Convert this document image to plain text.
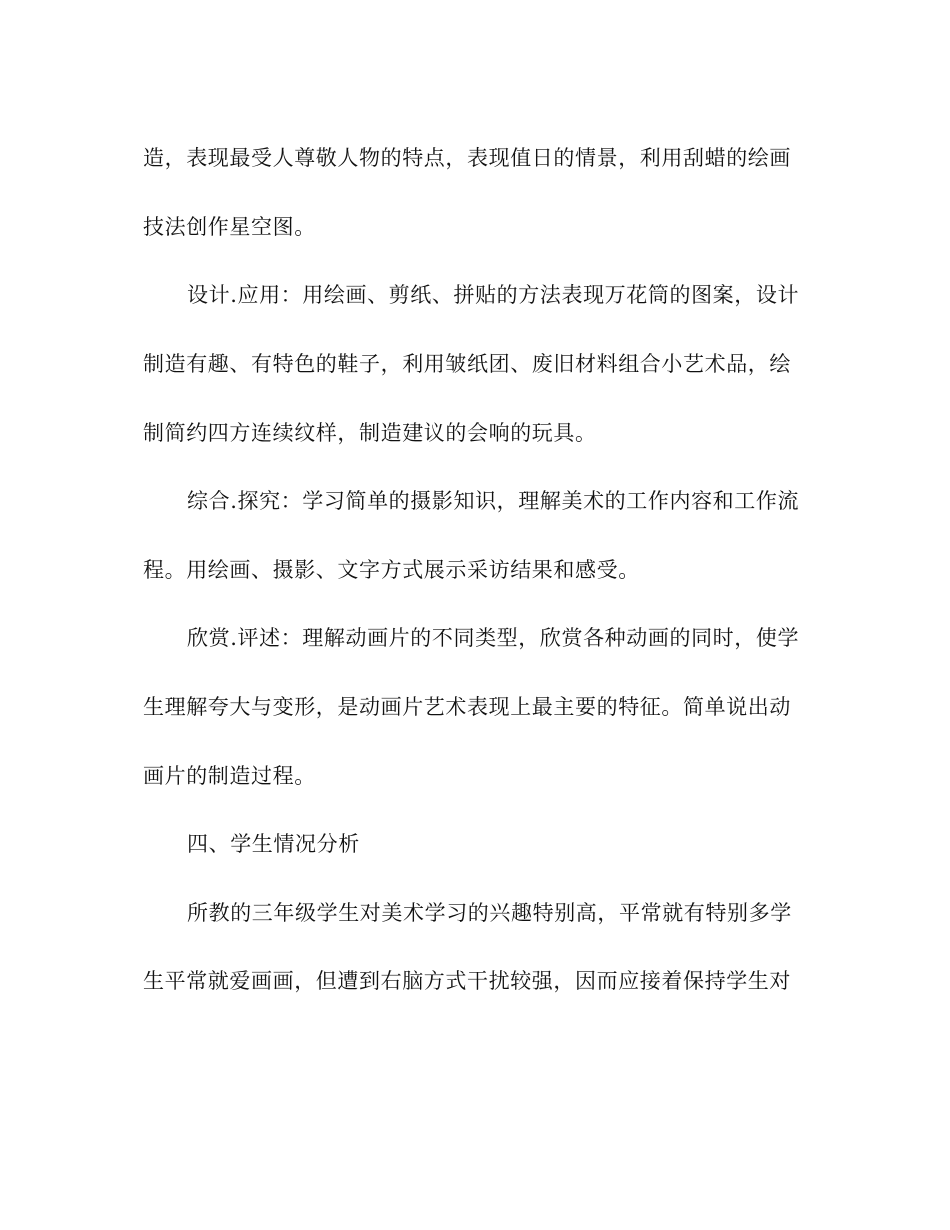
造，表现最受人尊敬人物的特点，表现值日的情景，利用刮蜡的绘画
技法创作星空图。
设计.应用：用绘画、剪纸、拼贴的方法表现万花筒的图案，设计
制造有趣、有特色的鞋子，利用皱纸团、废旧材料组合小艺术品，绘
制简约四方连续纹样，制造建议的会响的玩具。
综合.探究：学习简单的摄影知识，理解美术的工作内容和工作流
程。用绘画、摄影、文字方式展示采访结果和感受。
欣赏.评述：理解动画片的不同类型，欣赏各种动画的同时，使学
生理解夸大与变形，是动画片艺术表现上最主要的特征。简单说出动
画片的制造过程。
四、学生情况分析
所教的三年级学生对美术学习的兴趣特别高，平常就有特别多学
生平常就爱画画，但遭到右脑方式干扰较强，因而应接着保持学生对
